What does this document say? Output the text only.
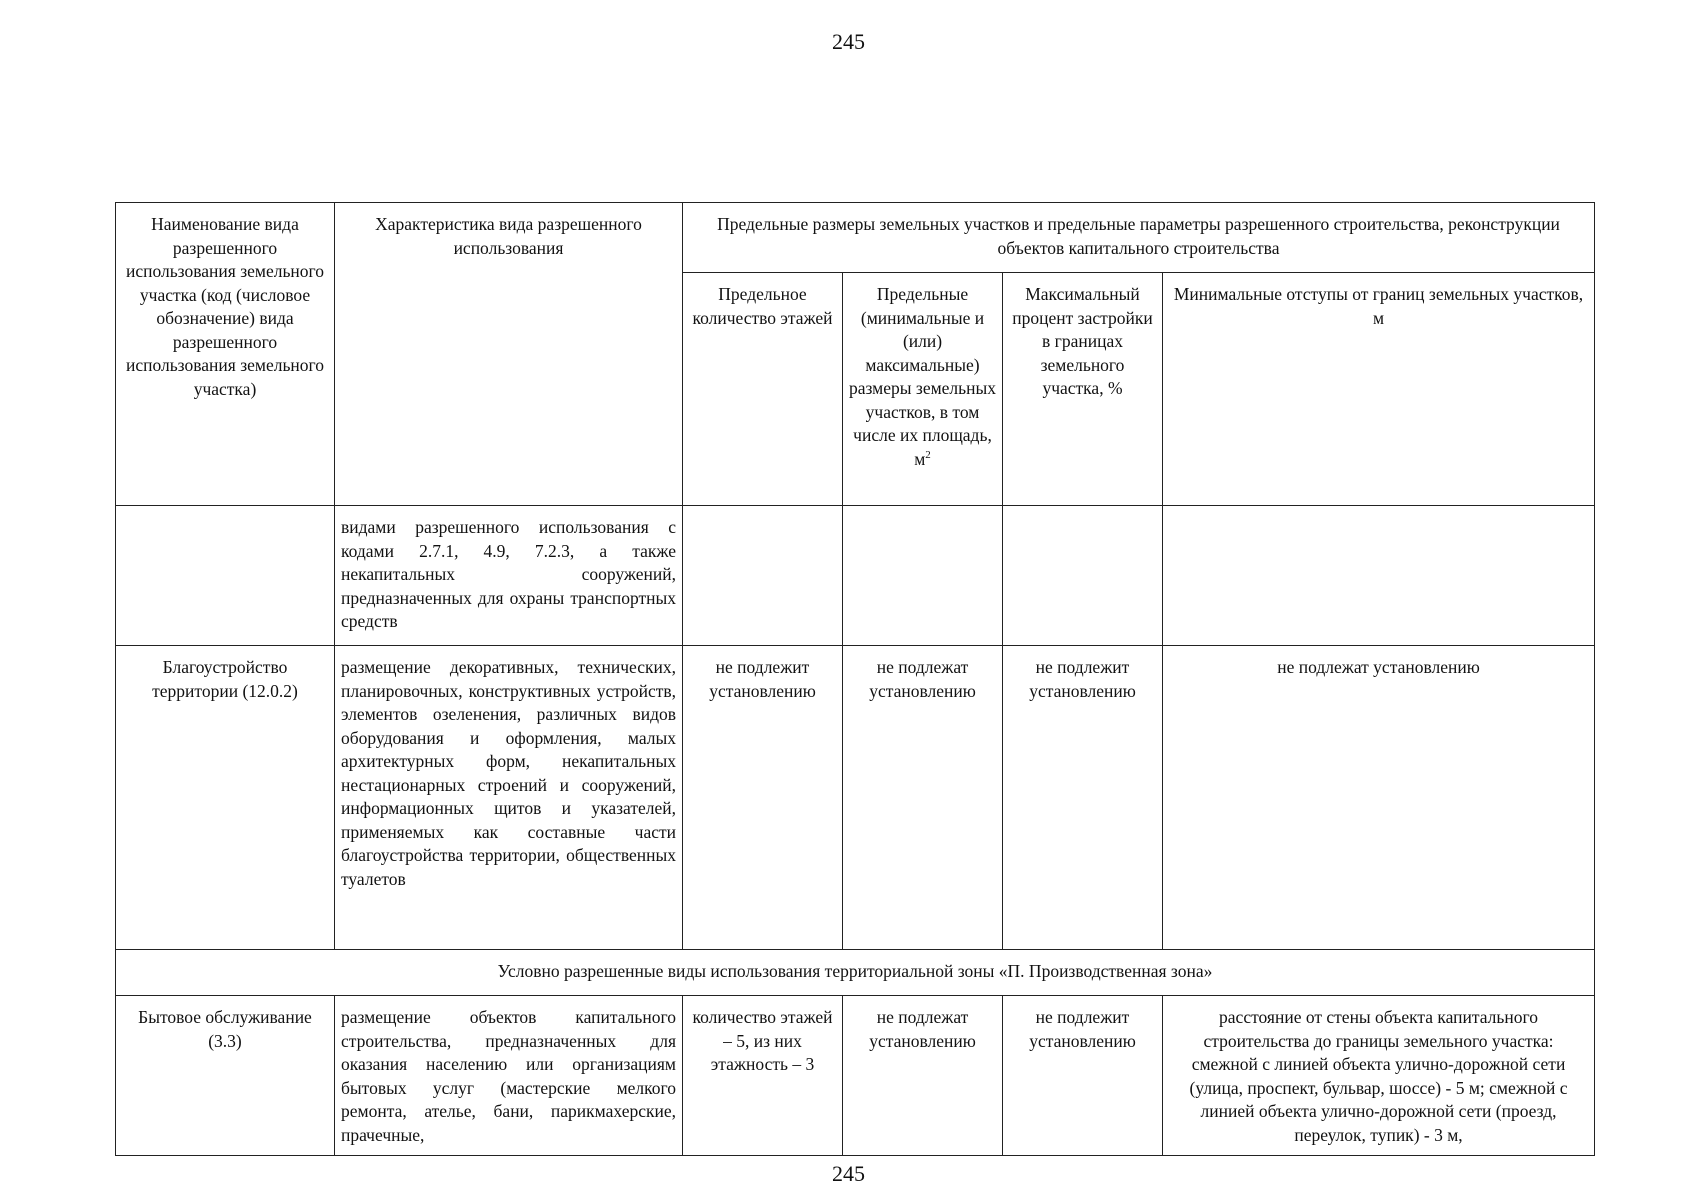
245
Наименование вида разрешенного использования земельного участка (код (числовое обозначение) вида разрешенного использования земельного участка)	Характеристика вида разрешенного использования	Предельные размеры земельных участков и предельные параметры разрешенного строительства, реконструкции объектов капитального строительства			
		Предельное количество этажей	Предельные (минимальные и (или) максимальные) размеры земельных участков, в том числе их площадь, $м^2$	Максимальный процент застройки в границах земельного участка, %	Минимальные отступы от границ земельных участков, м
	видами разрешенного использования с кодами 2.7.1, 4.9, 7.2.3, а также некапитальных сооружений, предназначенных для охраны транспортных средств				
Благоустройство территории (12.0.2)	размещение декоративных, технических, планировочных, конструктивных устройств, элементов озеленения, различных видов оборудования и оформления, малых архитектурных форм, некапитальных нестационарных строений и сооружений, информационных щитов и указателей, применяемых как составные части благоустройства территории, общественных туалетов	не подлежит установлению	не подлежат установлению	не подлежит установлению	не подлежат установлению
Условно разрешенные виды использования территориальной зоны «П. Производственная зона»					
Бытовое обслуживание (3.3)	размещение объектов капитального строительства, предназначенных для оказания населению или организациям бытовых услуг (мастерские мелкого ремонта, ателье, бани, парикмахерские, прачечные,	количество этажей – 5, из них этажность – 3	не подлежат установлению	не подлежит установлению	расстояние от стены объекта капитального строительства до границы земельного участка: смежной с линией объекта улично-дорожной сети (улица, проспект, бульвар, шоссе) - 5 м; смежной с линией объекта улично-дорожной сети (проезд, переулок, тупик) - 3 м,
245
